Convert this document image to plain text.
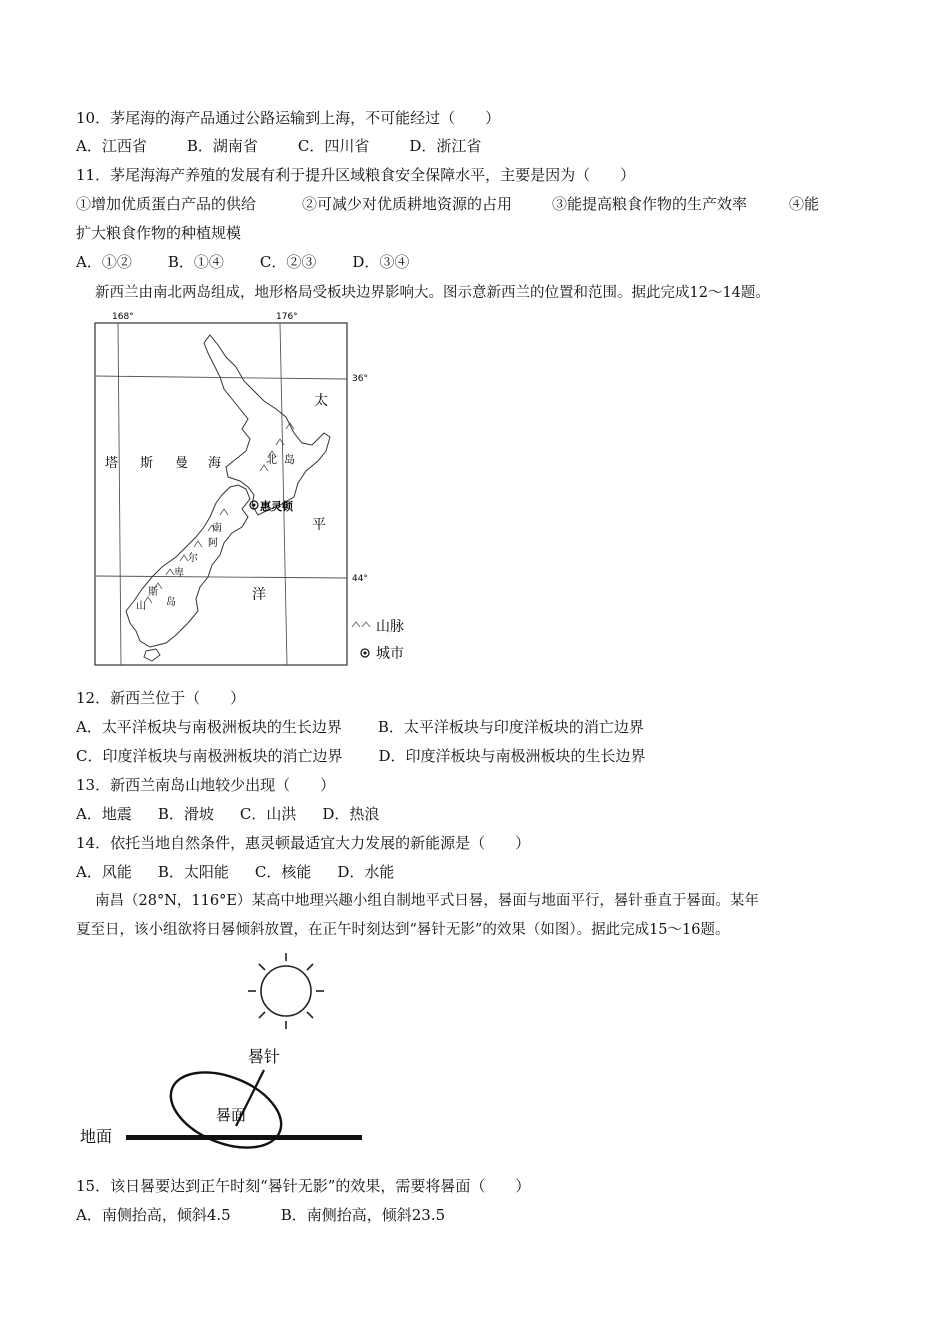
10．茅尾海的海产品通过公路运输到上海，不可能经过（　　）
A．江西省	B．湖南省	C．四川省	D．浙江省
11．茅尾海海产养殖的发展有利于提升区域粮食安全保障水平，主要是因为（　　）
①增加优质蛋白产品的供给	②可减少对优质耕地资源的占用	③能提高粮食作物的生产效率	④能
扩大粮食作物的种植规模
A．①② B．①④ C．②③ D．③④
新西兰由南北两岛组成，地形格局受板块边界影响大。图示意新西兰的位置和范围。据此完成12～14题。
168°	176°
36°
44°
塔 斯 曼 海
太
平
洋
北 岛
南
阿
尔
卑
山
斯
岛
惠灵顿
山脉
城市
12．新西兰位于（　　）
A．太平洋板块与南极洲板块的生长边界 B．太平洋板块与印度洋板块的消亡边界
C．印度洋板块与南极洲板块的消亡边界 D．印度洋板块与南极洲板块的生长边界
13．新西兰南岛山地较少出现（　　）
A．地震 B．滑坡 C．山洪 D．热浪
14．依托当地自然条件，惠灵顿最适宜大力发展的新能源是（　　）
A．风能 B．太阳能 C．核能 D．水能
南昌（28°N，116°E）某高中地理兴趣小组自制地平式日晷，晷面与地面平行，晷针垂直于晷面。某年
夏至日，该小组欲将日晷倾斜放置，在正午时刻达到“晷针无影”的效果（如图）。据此完成15～16题。
晷针
晷面
地面
15．该日晷要达到正午时刻“晷针无影”的效果，需要将晷面（　　）
A．南侧抬高，倾斜4.5	B．南侧抬高，倾斜23.5
